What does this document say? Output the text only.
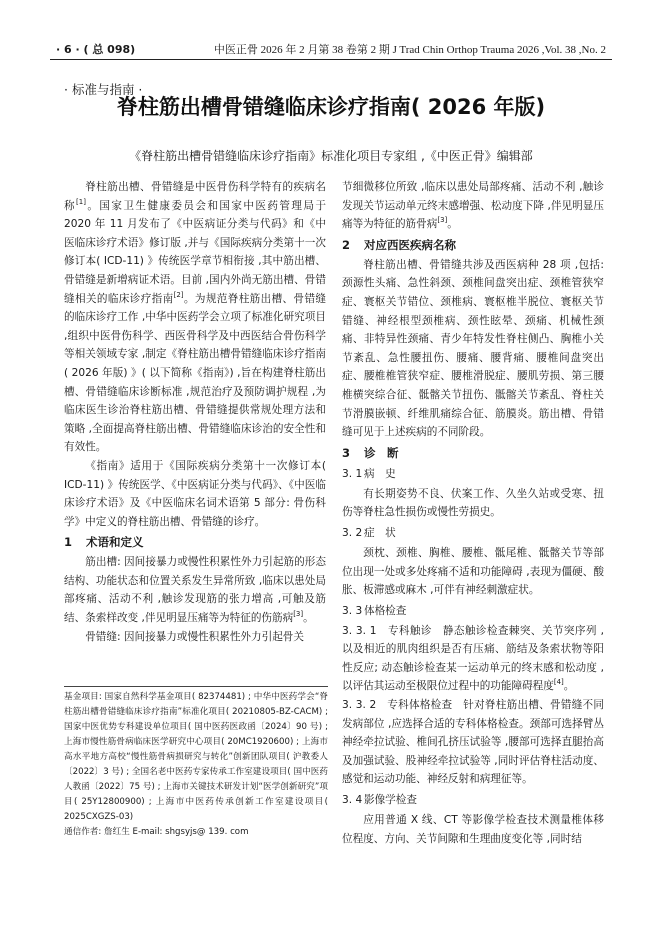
· 6 · ( 总 098)	中医正骨 2026 年 2 月第 38 卷第 2 期 J Trad Chin Orthop Trauma 2026 ,Vol. 38 ,No. 2
· 标准与指南 ·
脊柱筋出槽骨错缝临床诊疗指南( 2026 年版)
《脊柱筋出槽骨错缝临床诊疗指南》标准化项目专家组 ,《中医正骨》编辑部

脊柱筋出槽、骨错缝是中医骨伤科学特有的疾病名称[1]。国家卫生健康委员会和国家中医药管理局于 2020 年 11 月发布了《中医病证分类与代码》和《中医临床诊疗术语》修订版 ,并与《国际疾病分类第十一次修订本( ICD-11) 》传统医学章节相衔接 ,其中筋出槽、骨错缝是新增病证术语。目前 ,国内外尚无筋出槽、骨错缝相关的临床诊疗指南[2]。为规范脊柱筋出槽、骨错缝的临床诊疗工作 ,中华中医药学会立项了标准化研究项目 ,组织中医骨伤科学、西医骨科学及中西医结合骨伤科学等相关领域专家 ,制定《脊柱筋出槽骨错缝临床诊疗指南( 2026 年版) 》( 以下简称《指南》) ,旨在构建脊柱筋出槽、骨错缝临床诊断标准 ,规范治疗及预防调护规程 ,为临床医生诊治脊柱筋出槽、骨错缝提供常规处理方法和策略 ,全面提高脊柱筋出槽、骨错缝临床诊治的安全性和有效性。

《指南》适用于《国际疾病分类第十一次修订本( ICD-11) 》传统医学、《中医病证分类与代码》、《中医临床诊疗术语》及《中医临床名词术语第 5 部分: 骨伤科学》中定义的脊柱筋出槽、骨错缝的诊疗。

1 术语和定义

筋出槽: 因间接暴力或慢性积累性外力引起筋的形态结构、功能状态和位置关系发生异常所致 ,临床以患处局部疼痛、活动不利 ,触诊发现筋的张力增高 ,可触及筋结、条索样改变 ,伴见明显压痛等为特征的伤筋病[3]。

骨错缝: 因间接暴力或慢性积累性外力引起骨关

基金项目: 国家自然科学基金项目( 82374481) ; 中华中医药学会“脊柱筋出槽骨错缝临床诊疗指南”标准化项目( 20210805-BZ-CACM) ; 国家中医优势专科建设单位项目( 国中医药医政函〔2024〕90 号) ; 上海市慢性筋骨病临床医学研究中心项目( 20MC1920600) ; 上海市高水平地方高校“慢性筋骨病损研究与转化”创新团队项目( 沪教委人〔2022〕3 号) ; 全国名老中医药专家传承工作室建设项目( 国中医药人教函〔2022〕75 号) ; 上海市关键技术研发计划“医学创新研究”项目( 25Y12800900) ; 上海市中医药传承创新工作室建设项目( 2025CXGZS-03)
通信作者: 詹红生 E-mail: shgsyjs@ 139. com

节细微移位所致 ,临床以患处局部疼痛、活动不利 ,触诊发现关节运动单元终末感增强、松动度下降 ,伴见明显压痛等为特征的筋骨病[3]。

2 对应西医疾病名称

脊柱筋出槽、骨错缝共涉及西医病种 28 项 ,包括: 颈源性头痛、急性斜颈、颈椎间盘突出症、颈椎管狭窄症、寰枢关节错位、颈椎病、寰枢椎半脱位、寰枢关节错缝、神经根型颈椎病、颈性眩晕、颈痛、机械性颈痛、非特异性颈痛、青少年特发性脊柱侧凸、胸椎小关节紊乱、急性腰扭伤、腰痛、腰背痛、腰椎间盘突出症、腰椎椎管狭窄症、腰椎滑脱症、腰肌劳损、第三腰椎横突综合征、骶髂关节扭伤、骶髂关节紊乱、脊柱关节滑膜嵌顿、纤维肌痛综合征、筋膜炎。筋出槽、骨错缝可见于上述疾病的不同阶段。

3 诊　断
3. 1 病　史

有长期姿势不良、伏案工作、久坐久站或受寒、扭伤等脊柱急性损伤或慢性劳损史。

3. 2 症　状

颈枕、颈椎、胸椎、腰椎、骶尾椎、骶髂关节等部位出现一处或多处疼痛不适和功能障碍 ,表现为僵硬、酸胀、板滞感或麻木 ,可伴有神经刺激症状。

3. 3 体格检查

3. 3. 1　专科触诊　静态触诊检查棘突、关节突序列 ,以及相近的肌肉组织是否有压痛、筋结及条索状物等阳性反应; 动态触诊检查某一运动单元的终末感和松动度 ,以评估其运动至极限位过程中的功能障碍程度[4]。

3. 3. 2　专科体格检查　针对脊柱筋出槽、骨错缝不同发病部位 ,应选择合适的专科体格检查。颈部可选择臂丛神经牵拉试验、椎间孔挤压试验等 ,腰部可选择直腿抬高及加强试验、股神经牵拉试验等 ,同时评估脊柱活动度、感觉和运动功能、神经反射和病理征等。

3. 4 影像学检查

应用普通 X 线、CT 等影像学检查技术测量椎体移位程度、方向、关节间隙和生理曲度变化等 ,同时结
